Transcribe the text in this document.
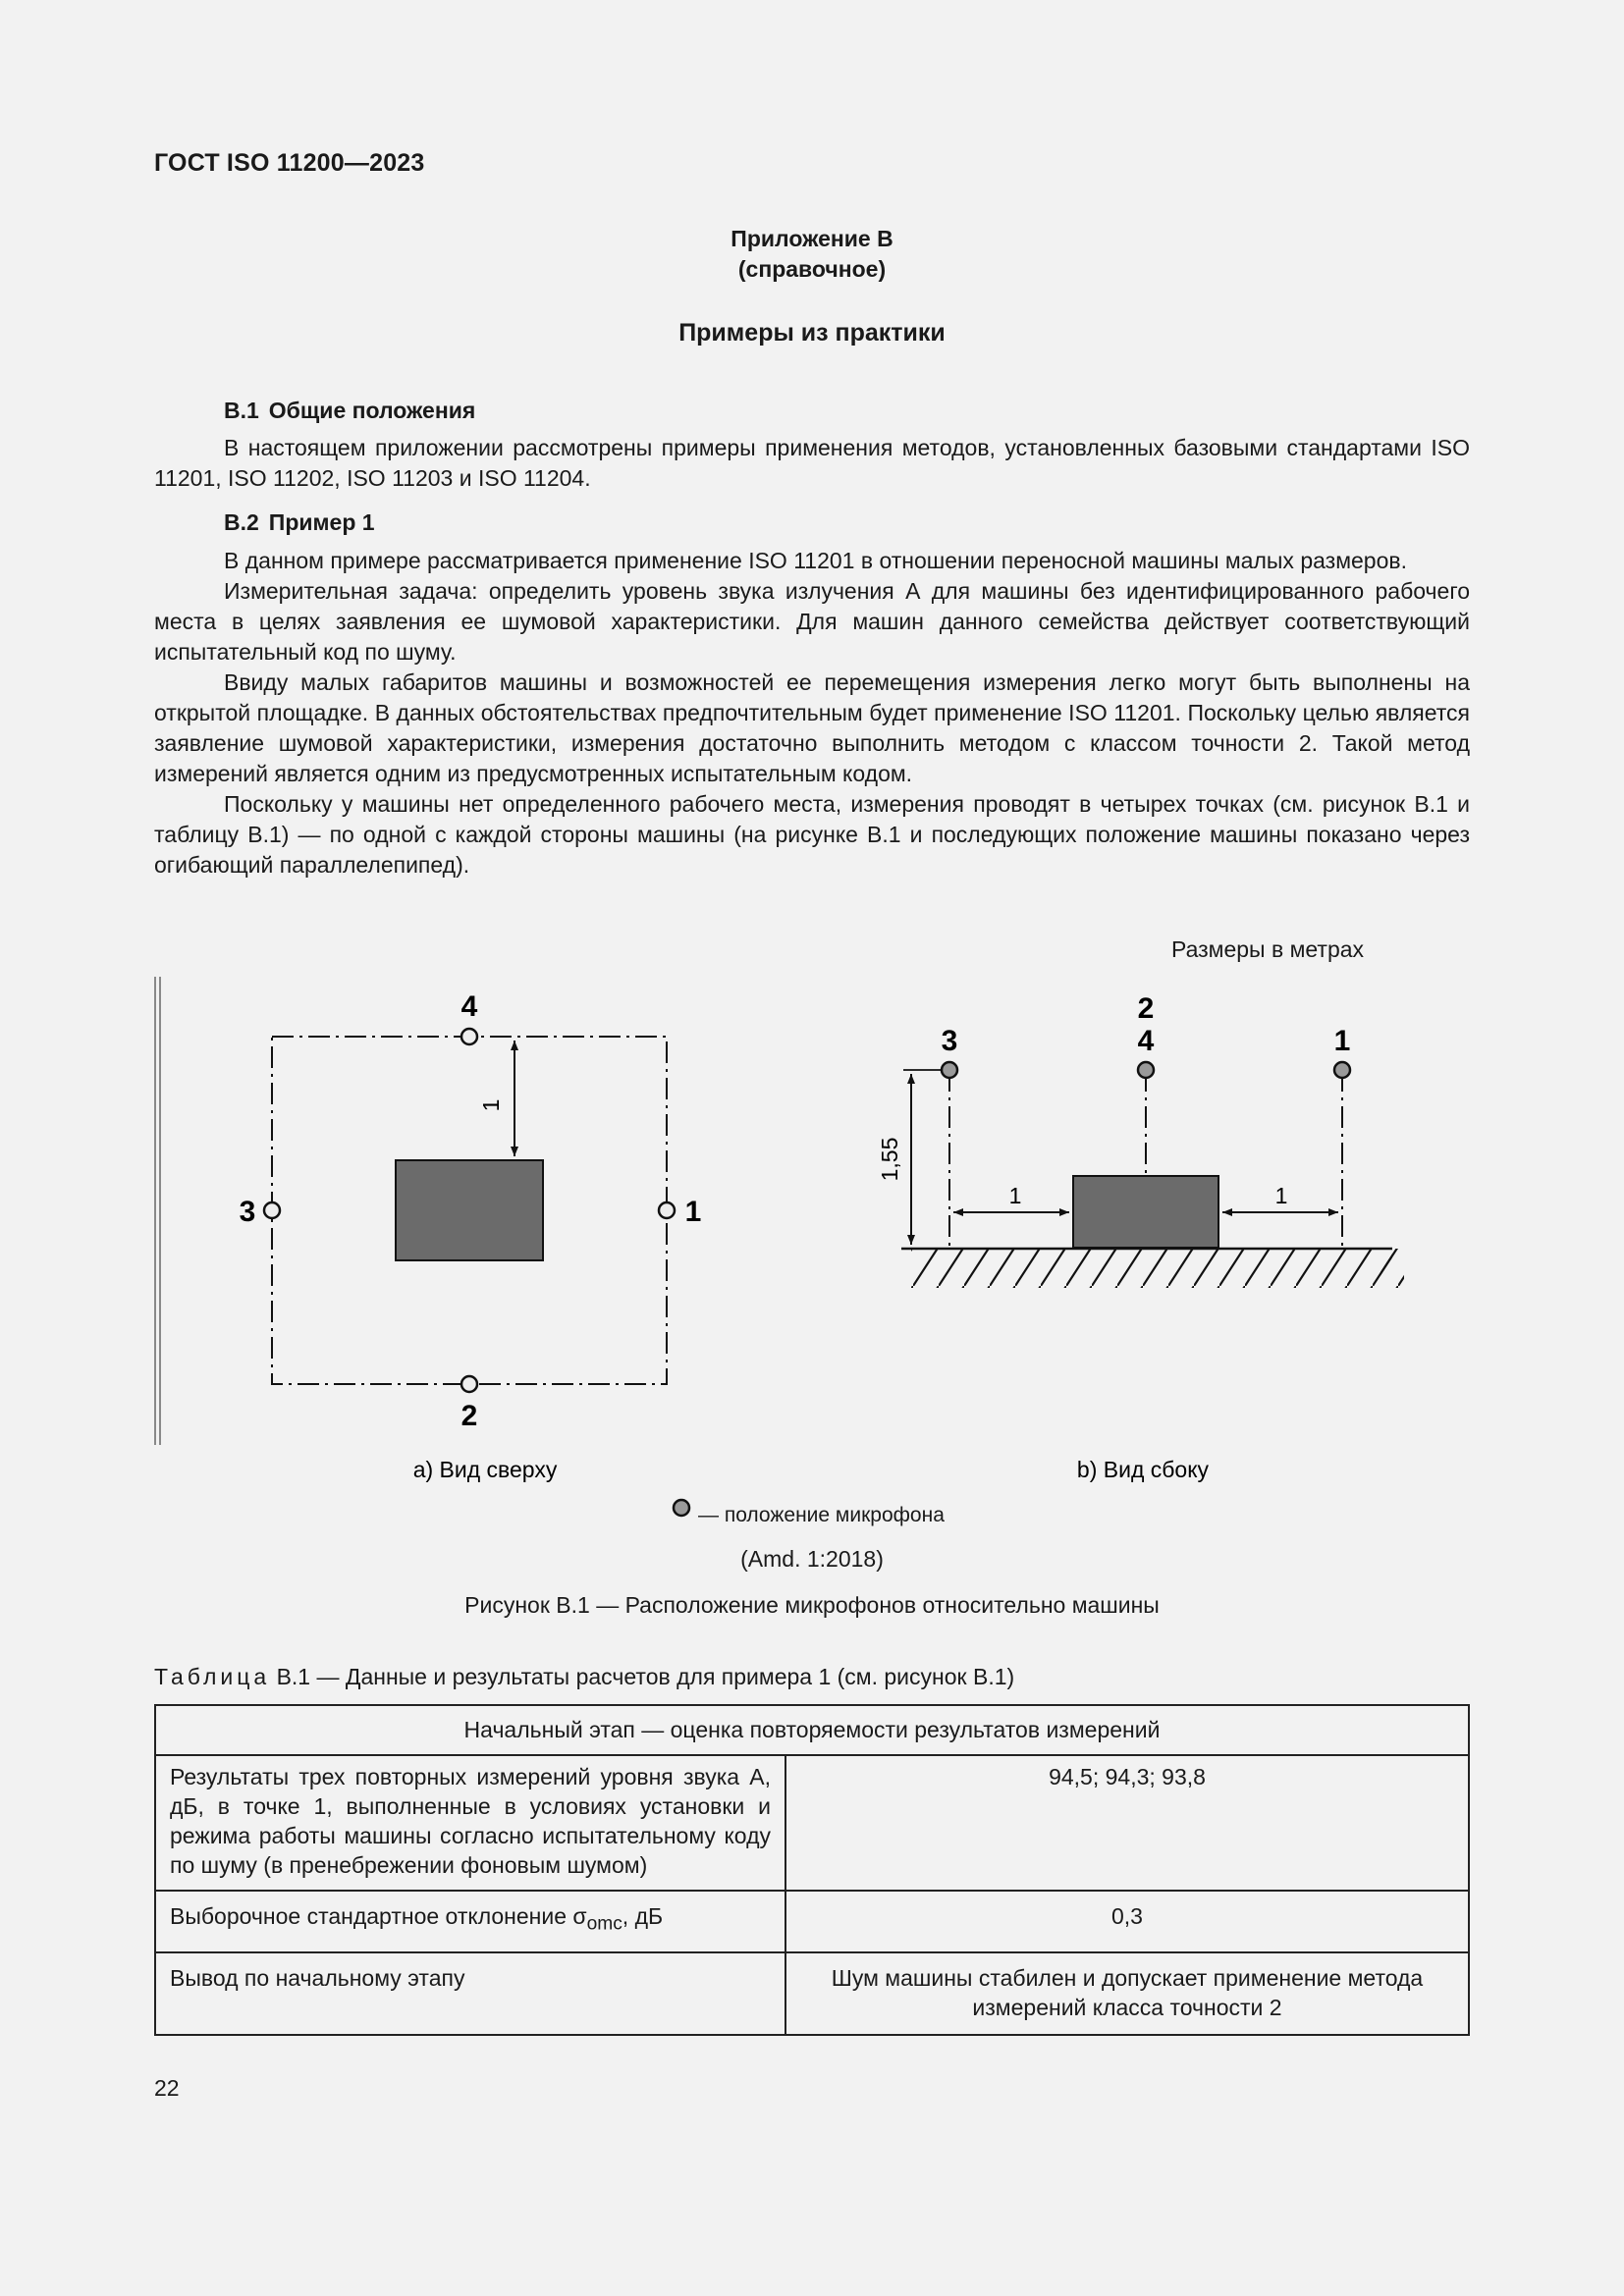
ГОСТ ISO 11200—2023
Приложение В
(справочное)
Примеры из практики
В.1 Общие положения

В настоящем приложении рассмотрены примеры применения методов, установленных базовыми стандартами ISO 11201, ISO 11202, ISO 11203 и ISO 11204.

В.2 Пример 1

В данном примере рассматривается применение ISO 11201 в отношении переносной машины малых размеров.

Измерительная задача: определить уровень звука излучения А для машины без идентифицированного рабочего места в целях заявления ее шумовой характеристики. Для машин данного семейства действует соответствующий испытательный код по шуму.

Ввиду малых габаритов машины и возможностей ее перемещения измерения легко могут быть выполнены на открытой площадке. В данных обстоятельствах предпочтительным будет применение ISO 11201. Поскольку целью является заявление шумовой характеристики, измерения достаточно выполнить методом с классом точности 2. Такой метод измерений является одним из предусмотренных испытательным кодом.

Поскольку у машины нет определенного рабочего места, измерения проводят в четырех точках (см. рисунок В.1 и таблицу В.1) — по одной с каждой стороны машины (на рисунке В.1 и последующих положение машины показано через огибающий параллелепипед).

Размеры в метрах
1
4
2
3	1
a) Вид сверху
3
2
4	1
1,55
1	1
b) Вид сбоку
— положение микрофона
(Amd. 1:2018)
Рисунок В.1 — Расположение микрофонов относительно машины
Таблица В.1 — Данные и результаты расчетов для примера 1 (см. рисунок В.1)
Начальный этап — оценка повторяемости результатов измерений	
Результаты трех повторных измерений уровня звука А, дБ, в точке 1, выполненные в условиях установки и режима работы машины согласно испытательному коду по шуму (в пренебрежении фоновым шумом)	94,5; 94,3; 93,8
Выборочное стандартное отклонение $\sigma_{omc}$, дБ	0,3
Вывод по начальному этапу	Шум машины стабилен и допускает применение метода измерений класса точности 2
22
